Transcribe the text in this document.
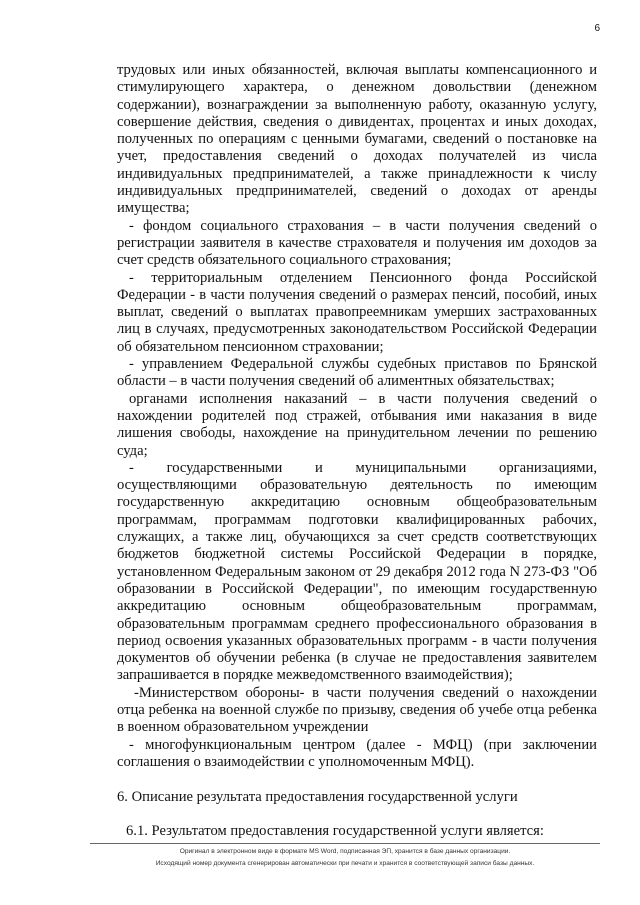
6

трудовых или иных обязанностей, включая выплаты компенсационного и стимулирующего характера, о денежном довольствии (денежном содержании), вознаграждении за выполненную работу, оказанную услугу, совершение действия, сведения о дивидентах, процентах и иных доходах, полученных по операциям с ценными бумагами, сведений о постановке на учет, предоставления сведений о доходах получателей из числа индивидуальных предпринимателей, а также принадлежности к числу индивидуальных предпринимателей, сведений о доходах от аренды имущества;

- фондом социального страхования – в части получения сведений о регистрации заявителя в качестве страхователя и получения им доходов за счет средств обязательного социального страхования;

- территориальным отделением Пенсионного фонда Российской Федерации - в части получения сведений о размерах пенсий, пособий, иных выплат, сведений о выплатах правопреемникам умерших застрахованных лиц в случаях, предусмотренных законодательством Российской Федерации об обязательном пенсионном страховании;

- управлением Федеральной службы судебных приставов по Брянской области – в части получения сведений об алиментных обязательствах;

органами исполнения наказаний – в части получения сведений о нахождении родителей под стражей, отбывания ими наказания в виде лишения свободы, нахождение на принудительном лечении по решению суда;

- государственными и муниципальными организациями, осуществляющими образовательную деятельность по имеющим государственную аккредитацию основным общеобразовательным программам, программам подготовки квалифицированных рабочих, служащих, а также лиц, обучающихся за счет средств соответствующих бюджетов бюджетной системы Российской Федерации в порядке, установленном Федеральным законом от 29 декабря 2012 года N 273-ФЗ "Об образовании в Российской Федерации", по имеющим государственную аккредитацию основным общеобразовательным программам, образовательным программам среднего профессионального образования в период освоения указанных образовательных программ - в части получения документов об обучении ребенка (в случае не предоставления заявителем запрашивается в порядке межведомственного взаимодействия);

-Министерством обороны- в части получения сведений о нахождении отца ребенка на военной службе по призыву, сведения об учебе отца ребенка в военном образовательном учреждении

- многофункциональным центром (далее - МФЦ) (при заключении соглашения о взаимодействии с уполномоченным МФЦ).

6. Описание результата предоставления государственной услуги

6.1. Результатом предоставления государственной услуги является:

Оригинал в электронном виде в формате MS Word, подписанная ЭП, хранится в базе данных организации.
Исходящий номер документа сгенерирован автоматически при печати и хранится в соответствующей записи базы данных.
